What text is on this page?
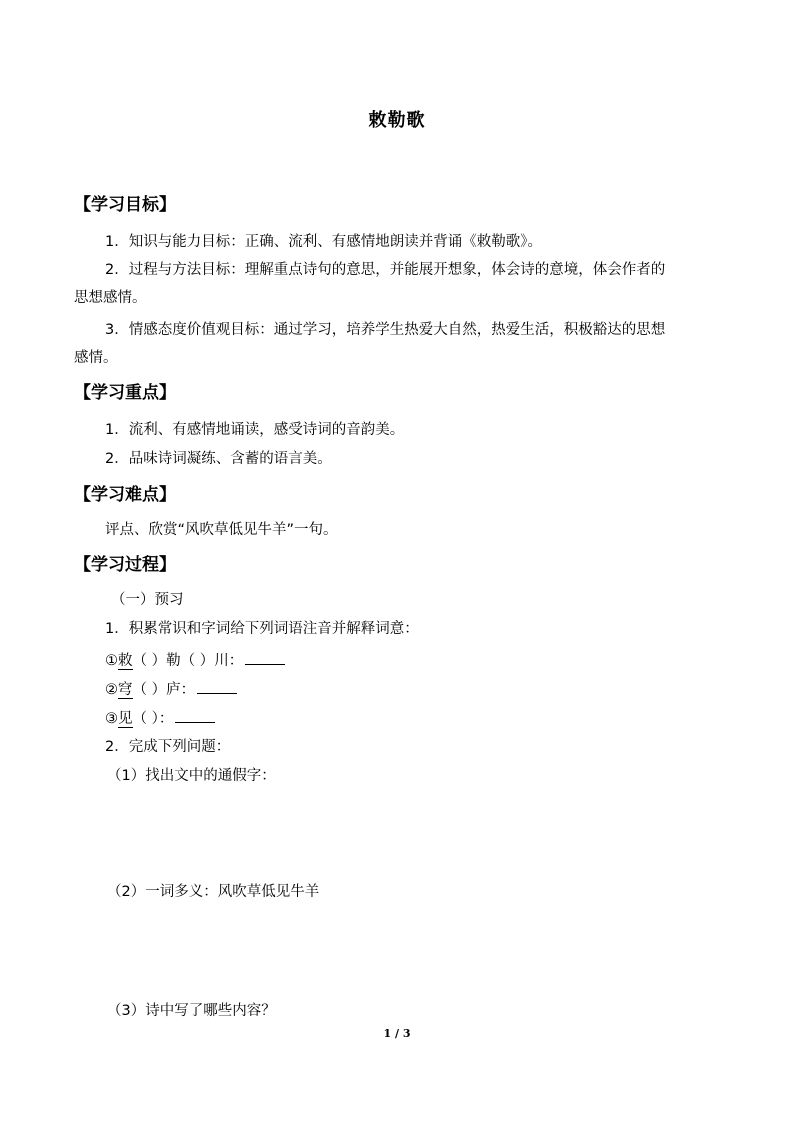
敕勒歌
【学习目标】
1．知识与能力目标：正确、流利、有感情地朗读并背诵《敕勒歌》。
2．过程与方法目标：理解重点诗句的意思，并能展开想象，体会诗的意境，体会作者的
思想感情。
3．情感态度价值观目标：通过学习，培养学生热爱大自然，热爱生活，积极豁达的思想
感情。
【学习重点】
1．流利、有感情地诵读，感受诗词的音韵美。
2．品味诗词凝练、含蓄的语言美。
【学习难点】
评点、欣赏“风吹草低见牛羊”一句。
【学习过程】
（一）预习
1．积累常识和字词给下列词语注音并解释词意：
①敕（ ）勒（ ）川：
②穹（ ）庐：
③见（ ）：
2．完成下列问题：
（1）找出文中的通假字：
（2）一词多义：风吹草低见牛羊
（3）诗中写了哪些内容？
1 / 3
